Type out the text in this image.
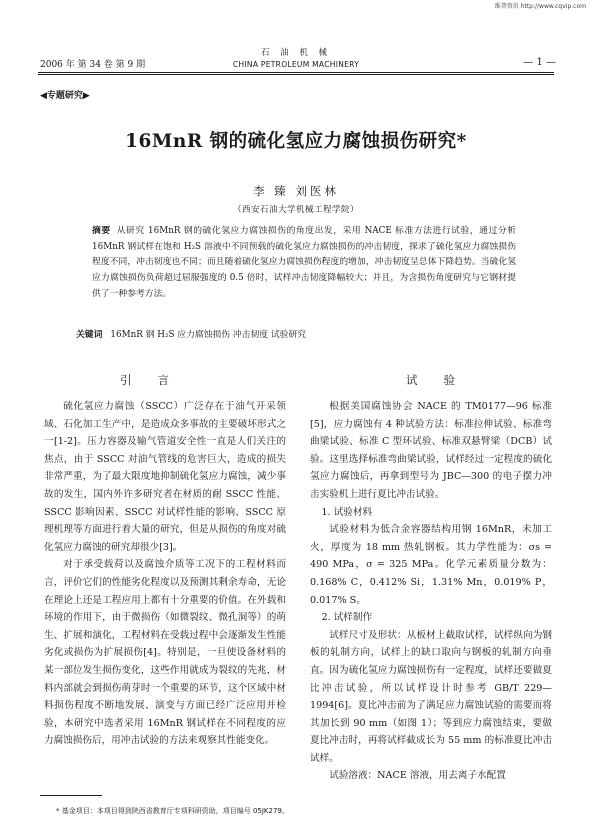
维普资讯 http://www.cqvip.com
2006 年 第 34 卷 第 9 期
石 油 机 械
CHINA PETROLEUM MACHINERY	— 1 —
◀专题研究▶
16MnR 钢的硫化氢应力腐蚀损伤研究*
李 臻 刘医林
（西安石油大学机械工程学院）
摘要 从研究 16MnR 钢的硫化氢应力腐蚀损伤的角度出发，采用 NACE 标准方法进行试验，通过分析 16MnR 钢试样在饱和 H₂S 溶液中不同预载的硫化氢应力腐蚀损伤的冲击韧度，探求了硫化氢应力腐蚀损伤程度不同，冲击韧度也不同；而且随着硫化氢应力腐蚀损伤程度的增加，冲击韧度呈总体下降趋势。当硫化氢应力腐蚀损伤负荷超过屈服强度的 0.5 倍时，试样冲击韧度降幅较大；并且，为含损伤角度研究与它钢材提供了一种参考方法。
关键词 16MnR 钢 H₂S 应力腐蚀损伤 冲击韧度 试验研究
引言	试验

硫化氢应力腐蚀（SSCC）广泛存在于油气开采领域、石化加工生产中，是造成众多事故的主要破坏形式之一[1-2]。压力容器及输气管道安全性一直是人们关注的焦点，由于 SSCC 对油气管线的危害巨大，造成的损失非常严重，为了最大限度地抑制硫化氢应力腐蚀，减少事故的发生，国内外许多研究者在材质的耐 SSCC 性能、SSCC 影响因素、SSCC 对试样性能的影响、SSCC 原理机理等方面进行着大量的研究，但是从损伤的角度对硫化氢应力腐蚀的研究却很少[3]。

对于承受载荷以及腐蚀介质等工况下的工程材料而言，评价它们的性能劣化程度以及预测其剩余寿命，无论在理论上还是工程应用上都有十分重要的价值。在外载和环境的作用下，由于微损伤（如微裂纹、微孔洞等）的萌生、扩展和演化，工程材料在受载过程中会逐渐发生性能劣化或损伤为扩展损伤[4]。特别是，一旦使设备材料的某一部位发生损伤变化，这些作用就成为裂纹的先兆，材料内部就会到损伤萌芽时一个重要的环节，这个区域中材料损伤程度不断地发展、演变与方面已经广泛应用并检验，本研究中选者采用 16MnR 钢试样在不同程度的应力腐蚀损伤后，用冲击试验的方法来观察其性能变化。

根据美国腐蚀协会 NACE 的 TM0177—96 标准[5]，应力腐蚀有 4 种试验方法：标准拉伸试验、标准弯曲梁试验、标准 C 型环试验、标准双悬臂梁（DCB）试验。这里选择标准弯曲梁试验，试样经过一定程度的硫化氢应力腐蚀后，再拿到型号为 JBC—300 的电子摆力冲击实验机上进行夏比冲击试验。

1. 试验材料

试验材料为低合金容器结构用钢 16MnR，未加工火，厚度为 18 mm 热轧钢板。其力学性能为：σs = 490 MPa，σ = 325 MPa。化学元素质量分数为：0.168% C，0.412% Si，1.31% Mn，0.019% P，0.017% S。

2. 试样制作

试样尺寸及形状：从板材上截取试样，试样纵向为钢板的轧制方向，试样上的缺口取向与钢板的轧制方向垂直。因为硫化氢应力腐蚀损伤有一定程度，试样还要做夏比冲击试验，所以试样设计时参考 GB/T 229—1994[6]。夏比冲击前为了满足应力腐蚀试验的需要而将其加长到 90 mm（如图 1）；等到应力腐蚀结束，要做夏比冲击时，再将试样截成长为 55 mm 的标准夏比冲击试样。

试验溶液：NACE 溶液，用去离子水配置

* 基金项目：本项目得到陕西省教育厅专项科研资助，项目编号 05JK279。
